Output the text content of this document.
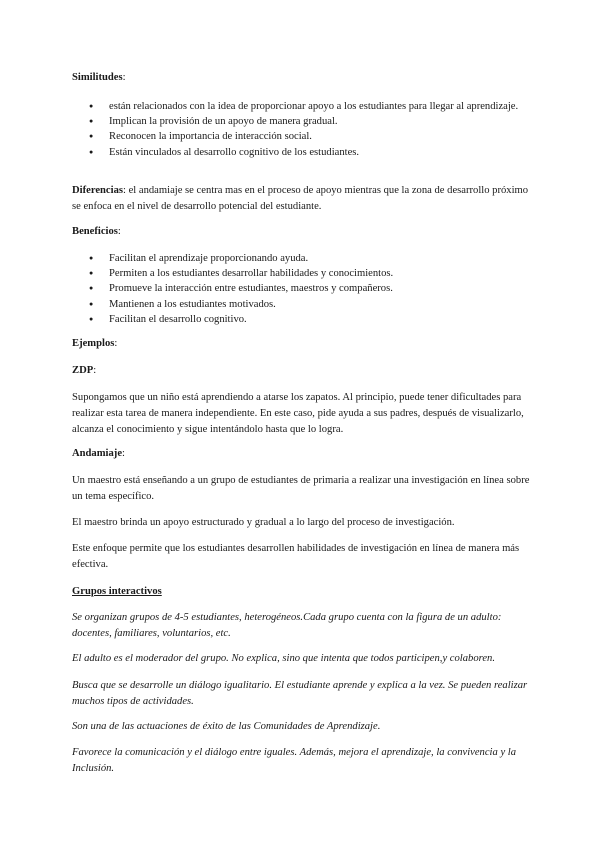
Similitudes:

● están relacionados con la idea de proporcionar apoyo a los estudiantes para llegar al aprendizaje.
● Implican la provisión de un apoyo de manera gradual.
● Reconocen la importancia de interacción social.
● Están vinculados al desarrollo cognitivo de los estudiantes.

Diferencias: el andamiaje se centra mas en el proceso de apoyo mientras que la zona de desarrollo próximo se enfoca en el nivel de desarrollo potencial del estudiante.

Beneficios:

● Facilitan el aprendizaje proporcionando ayuda.
● Permiten a los estudiantes desarrollar habilidades y conocimientos.
● Promueve la interacción entre estudiantes, maestros y compañeros.
● Mantienen a los estudiantes motivados.
● Facilitan el desarrollo cognitivo.

Ejemplos:

ZDP:

Supongamos que un niño está aprendiendo a atarse los zapatos. Al principio, puede tener dificultades para realizar esta tarea de manera independiente. En este caso, pide ayuda a sus padres, después de visualizarlo, alcanza el conocimiento y sigue intentándolo hasta que lo logra.

Andamiaje:

Un maestro está enseñando a un grupo de estudiantes de primaria a realizar una investigación en línea sobre un tema específico.

El maestro brinda un apoyo estructurado y gradual a lo largo del proceso de investigación.

Este enfoque permite que los estudiantes desarrollen habilidades de investigación en línea de manera más efectiva.

Grupos interactivos

Se organizan grupos de 4-5 estudiantes, heterogéneos.Cada grupo cuenta con la figura de un adulto: docentes, familiares, voluntarios, etc.

El adulto es el moderador del grupo. No explica, sino que intenta que todos participen,y colaboren.

Busca que se desarrolle un diálogo igualitario. El estudiante aprende y explica a la vez. Se pueden realizar muchos tipos de actividades.

Son una de las actuaciones de éxito de las Comunidades de Aprendizaje.

Favorece la comunicación y el diálogo entre iguales. Además, mejora el aprendizaje, la convivencia y la Inclusión.
